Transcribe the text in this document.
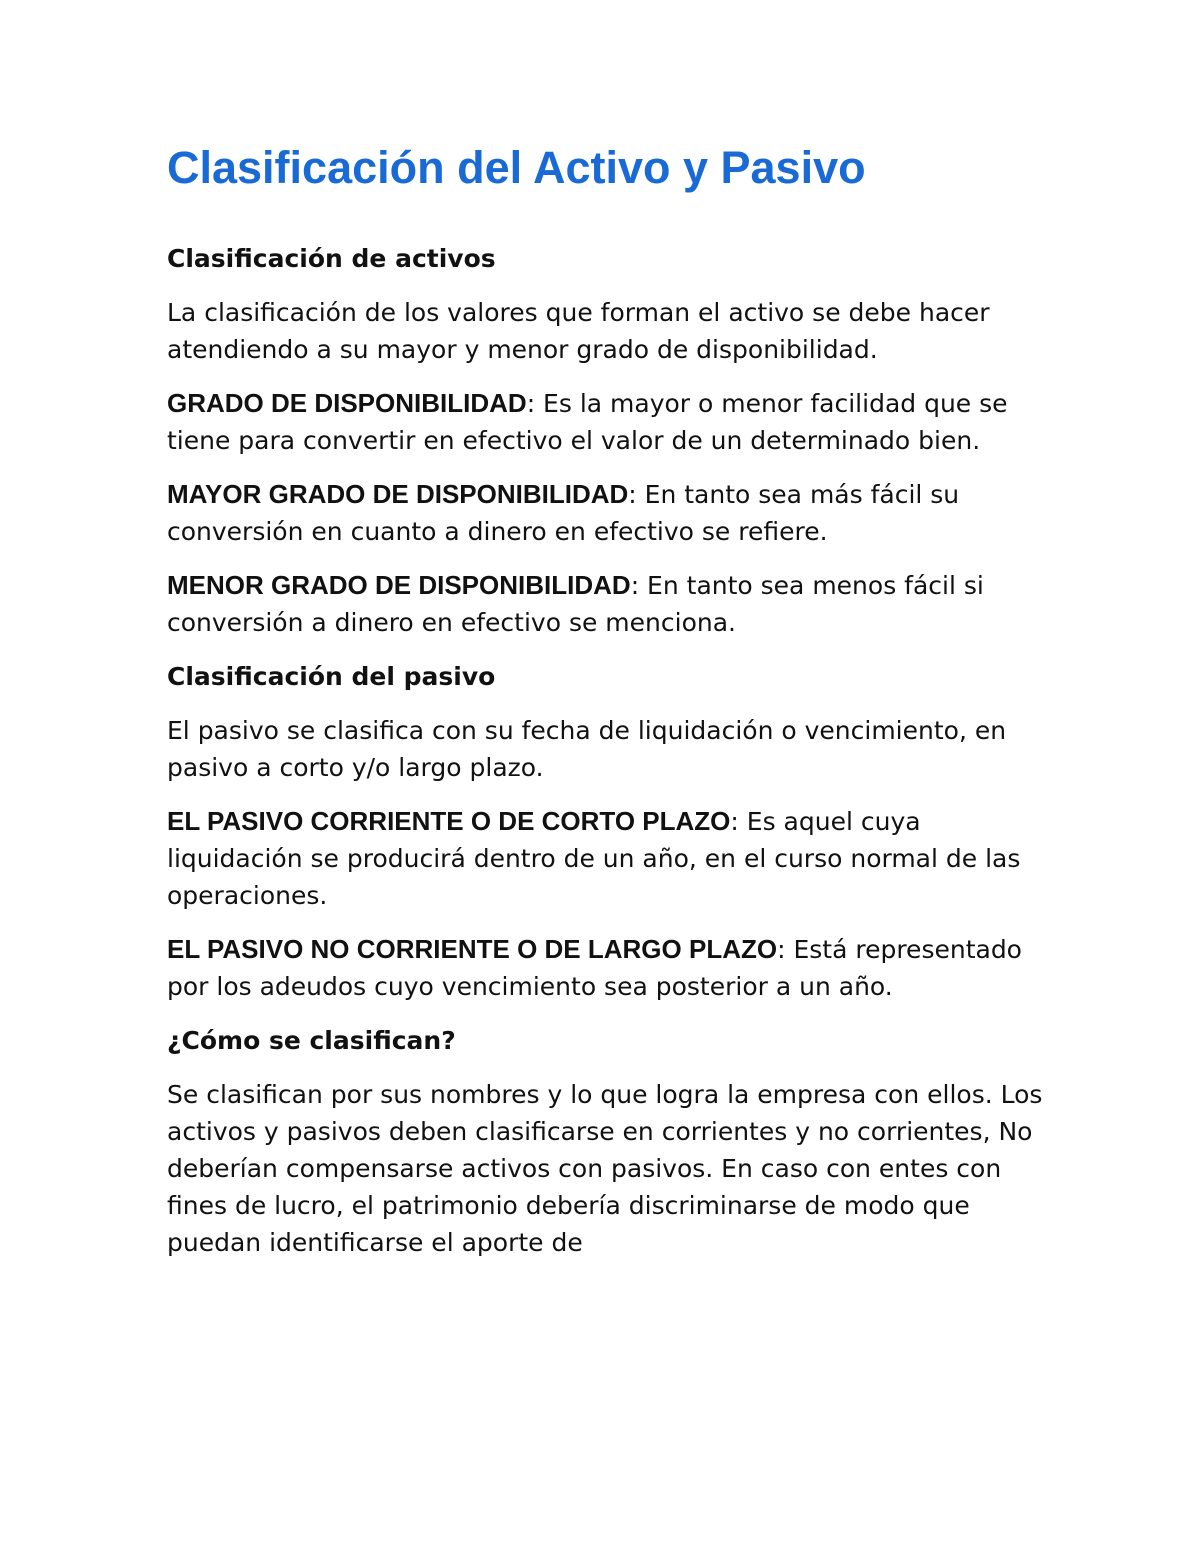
Clasificación del Activo y Pasivo
Clasificación de activos

La clasificación de los valores que forman el activo se debe hacer atendiendo a su mayor y menor grado de disponibilidad.

GRADO DE DISPONIBILIDAD: Es la mayor o menor facilidad que se tiene para convertir en efectivo el valor de un determinado bien.

MAYOR GRADO DE DISPONIBILIDAD: En tanto sea más fácil su conversión en cuanto a dinero en efectivo se refiere.

MENOR GRADO DE DISPONIBILIDAD: En tanto sea menos fácil si conversión a dinero en efectivo se menciona.

Clasificación del pasivo

El pasivo se clasifica con su fecha de liquidación o vencimiento, en pasivo a corto y/o largo plazo.

EL PASIVO CORRIENTE O DE CORTO PLAZO: Es aquel cuya liquidación se producirá dentro de un año, en el curso normal de las operaciones.

EL PASIVO NO CORRIENTE O DE LARGO PLAZO: Está representado por los adeudos cuyo vencimiento sea posterior a un año.

¿Cómo se clasifican?

Se clasifican por sus nombres y lo que logra la empresa con ellos. Los activos y pasivos deben clasificarse en corrientes y no corrientes, No deberían compensarse activos con pasivos. En caso con entes con fines de lucro, el patrimonio debería discriminarse de modo que puedan identificarse el aporte de
